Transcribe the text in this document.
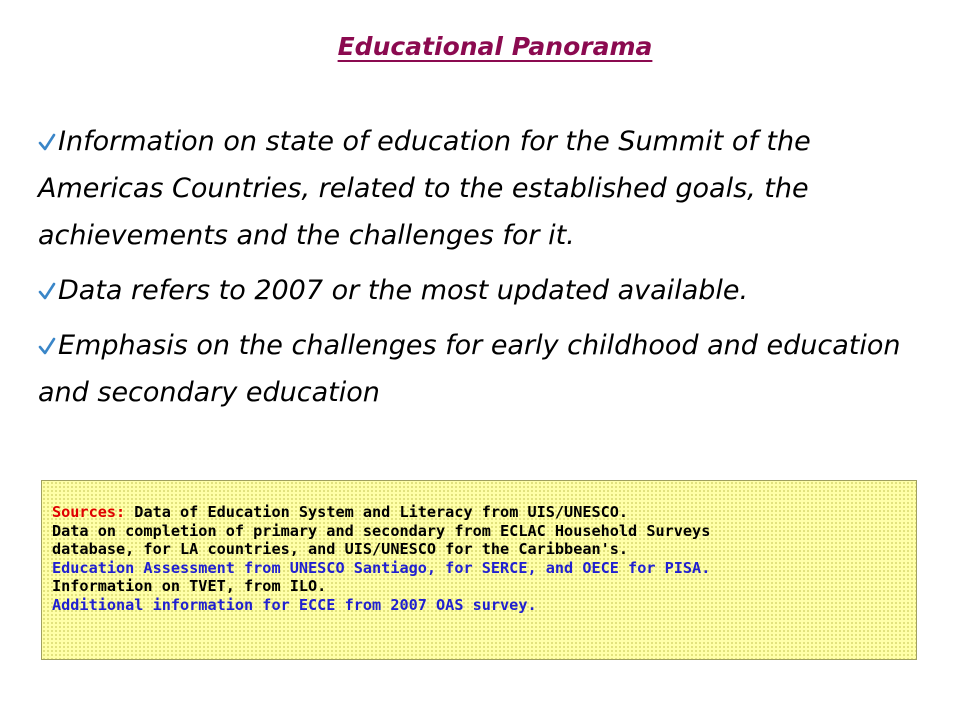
Educational Panorama
Information on state of education for the Summit of the Americas Countries, related to the established goals, the achievements and the challenges for it.
Data refers to 2007 or the most updated available.
Emphasis on the challenges for early childhood and education and secondary education
Sources: Data of Education System and Literacy from UIS/UNESCO.
Data on completion of primary and secondary from ECLAC Household Surveys
database, for LA countries, and UIS/UNESCO for the Caribbean's.
Education Assessment from UNESCO Santiago, for SERCE, and OECE for PISA.
Information on TVET, from ILO.
Additional information for ECCE from 2007 OAS survey.
